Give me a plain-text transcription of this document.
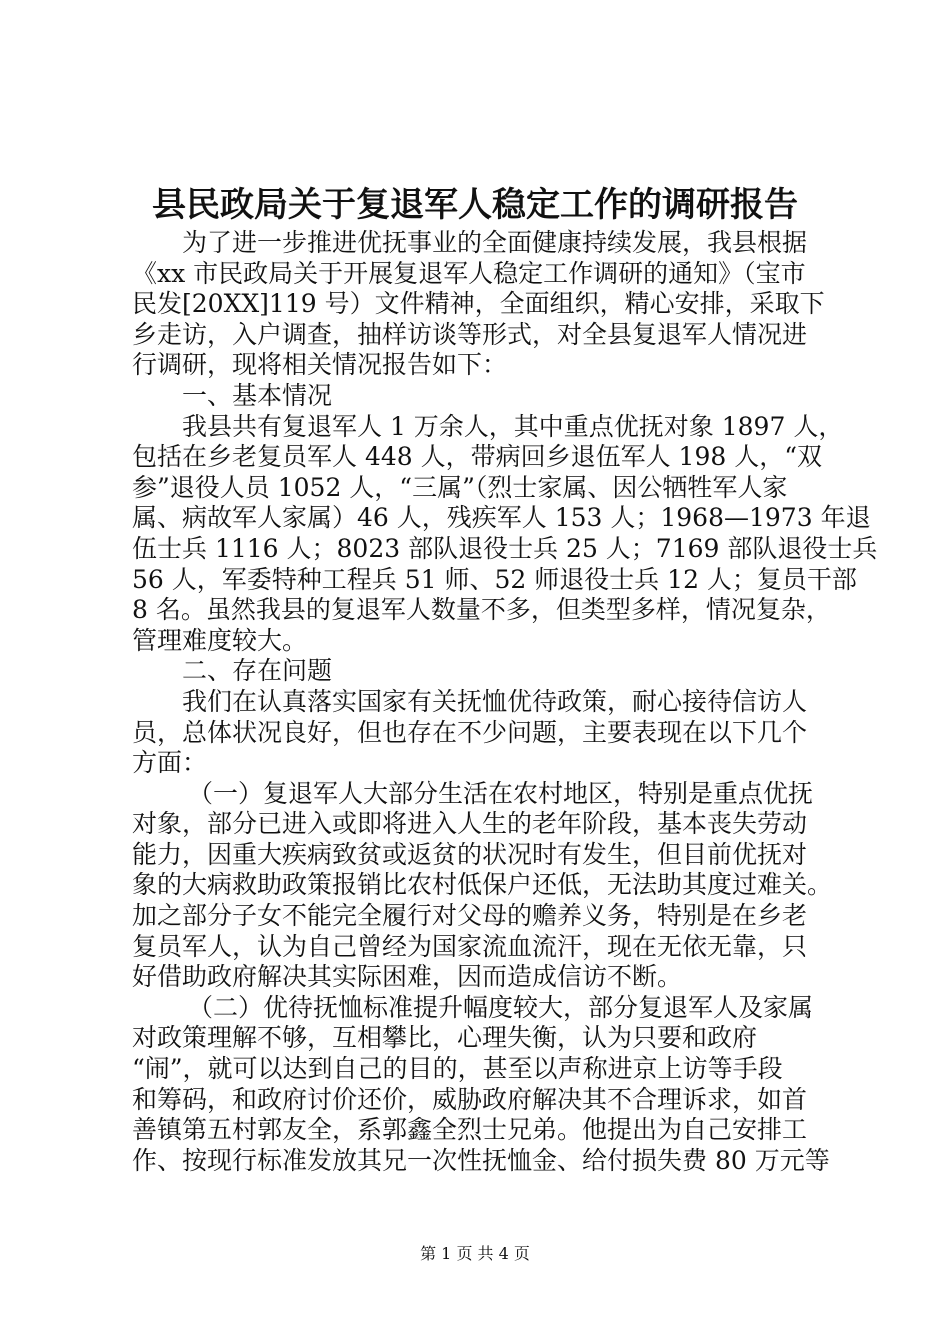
县民政局关于复退军人稳定工作的调研报告
为了进一步推进优抚事业的全面健康持续发展，我县根据
《xx 市民政局关于开展复退军人稳定工作调研的通知》（宝市
民发[20XX]119 号）文件精神，全面组织，精心安排，采取下
乡走访，入户调查，抽样访谈等形式，对全县复退军人情况进
行调研，现将相关情况报告如下：
一、基本情况
我县共有复退军人 1 万余人，其中重点优抚对象 1897 人，
包括在乡老复员军人 448 人，带病回乡退伍军人 198 人，“双
参”退役人员 1052 人，“三属”（烈士家属、因公牺牲军人家
属、病故军人家属）46 人，残疾军人 153 人；1968—1973 年退
伍士兵 1116 人；8023 部队退役士兵 25 人；7169 部队退役士兵
56 人，军委特种工程兵 51 师、52 师退役士兵 12 人；复员干部
8 名。虽然我县的复退军人数量不多，但类型多样，情况复杂，
管理难度较大。
二、存在问题
我们在认真落实国家有关抚恤优待政策，耐心接待信访人
员，总体状况良好，但也存在不少问题，主要表现在以下几个
方面：
（一）复退军人大部分生活在农村地区，特别是重点优抚
对象，部分已进入或即将进入人生的老年阶段，基本丧失劳动
能力，因重大疾病致贫或返贫的状况时有发生，但目前优抚对
象的大病救助政策报销比农村低保户还低，无法助其度过难关。
加之部分子女不能完全履行对父母的赡养义务，特别是在乡老
复员军人，认为自己曾经为国家流血流汗，现在无依无靠，只
好借助政府解决其实际困难，因而造成信访不断。
（二）优待抚恤标准提升幅度较大，部分复退军人及家属
对政策理解不够，互相攀比，心理失衡，认为只要和政府
“闹”，就可以达到自己的目的，甚至以声称进京上访等手段
和筹码，和政府讨价还价，威胁政府解决其不合理诉求，如首
善镇第五村郭友全，系郭鑫全烈士兄弟。他提出为自己安排工
作、按现行标准发放其兄一次性抚恤金、给付损失费 80 万元等
第 1 页 共 4 页
